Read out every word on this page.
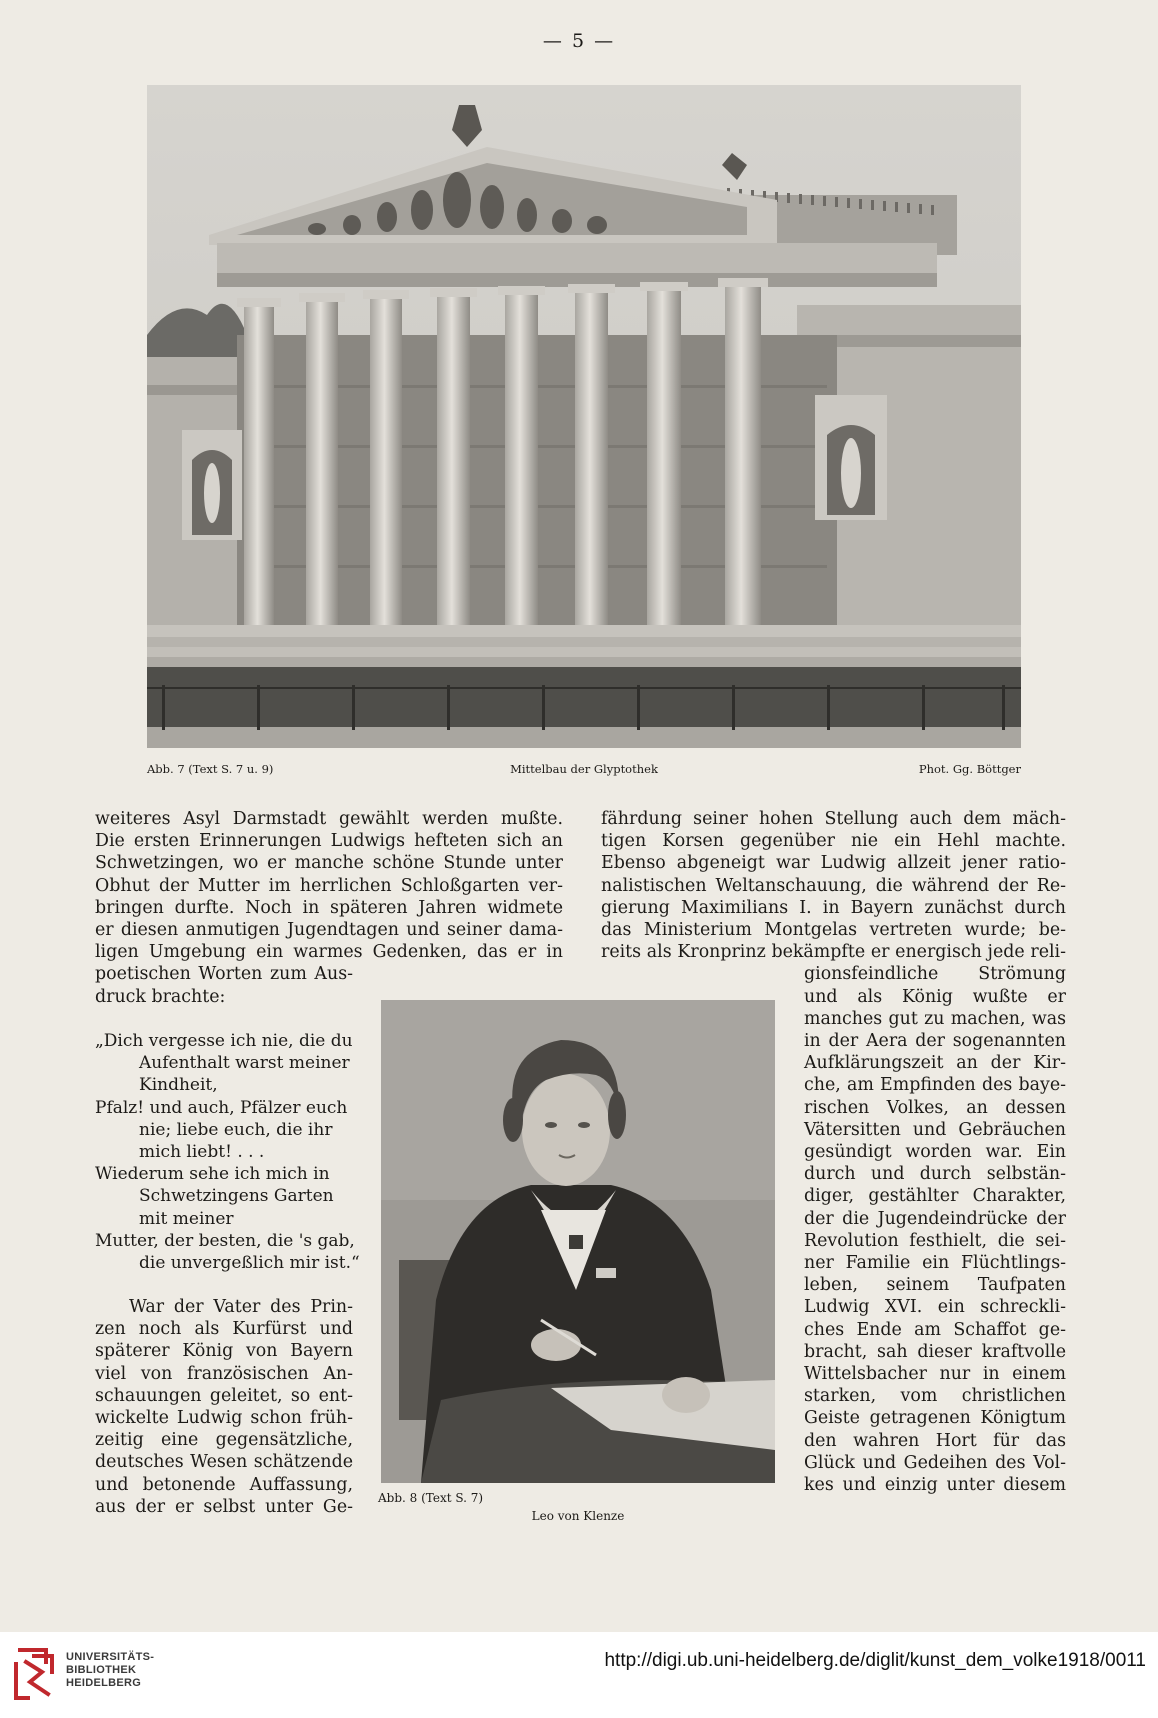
— 5 —
Mittelbau der Glyptothek
Abb. 7 (Text S. 7 u. 9)	Phot. Gg. Böttger
weiteres Asyl Darmstadt gewählt werden mußte.
Die ersten Erinnerungen Ludwigs hefteten sich an
Schwetzingen, wo er manche schöne Stunde unter
Obhut der Mutter im herrlichen Schloßgarten ver-
bringen durfte. Noch in späteren Jahren widmete
er diesen anmutigen Jugendtagen und seiner dama-
ligen Umgebung ein warmes Gedenken, das er in
poetischen Worten zum Aus-
druck brachte:
„Dich vergesse ich nie, die du
Aufenthalt warst meiner
Kindheit,
Pfalz! und auch, Pfälzer euch
nie; liebe euch, die ihr
mich liebt! . . .
Wiederum sehe ich mich in
Schwetzingens Garten
mit meiner
Mutter, der besten, die 's gab,
die unvergeßlich mir ist.“
War der Vater des Prin-
zen noch als Kurfürst und
späterer König von Bayern
viel von französischen An-
schauungen geleitet, so ent-
wickelte Ludwig schon früh-
zeitig eine gegensätzliche,
deutsches Wesen schätzende
und betonende Auffassung,
aus der er selbst unter Ge-
fährdung seiner hohen Stellung auch dem mäch-
tigen Korsen gegenüber nie ein Hehl machte.
Ebenso abgeneigt war Ludwig allzeit jener ratio-
nalistischen Weltanschauung, die während der Re-
gierung Maximilians I. in Bayern zunächst durch
das Ministerium Montgelas vertreten wurde; be-
reits als Kronprinz bekämpfte er energisch jede reli-
Abb. 8 (Text S. 7)
Leo von Klenze
gionsfeindliche Strömung
und als König wußte er
manches gut zu machen, was
in der Aera der sogenannten
Aufklärungszeit an der Kir-
che, am Empfinden des baye-
rischen Volkes, an dessen
Vätersitten und Gebräuchen
gesündigt worden war. Ein
durch und durch selbstän-
diger, gestählter Charakter,
der die Jugendeindrücke der
Revolution festhielt, die sei-
ner Familie ein Flüchtlings-
leben, seinem Taufpaten
Ludwig XVI. ein schreckli-
ches Ende am Schaffot ge-
bracht, sah dieser kraftvolle
Wittelsbacher nur in einem
starken, vom christlichen
Geiste getragenen Königtum
den wahren Hort für das
Glück und Gedeihen des Vol-
kes und einzig unter diesem
UNIVERSITÄTS-
BIBLIOTHEK
HEIDELBERG
http://digi.ub.uni-heidelberg.de/diglit/kunst_dem_volke1918/0011
